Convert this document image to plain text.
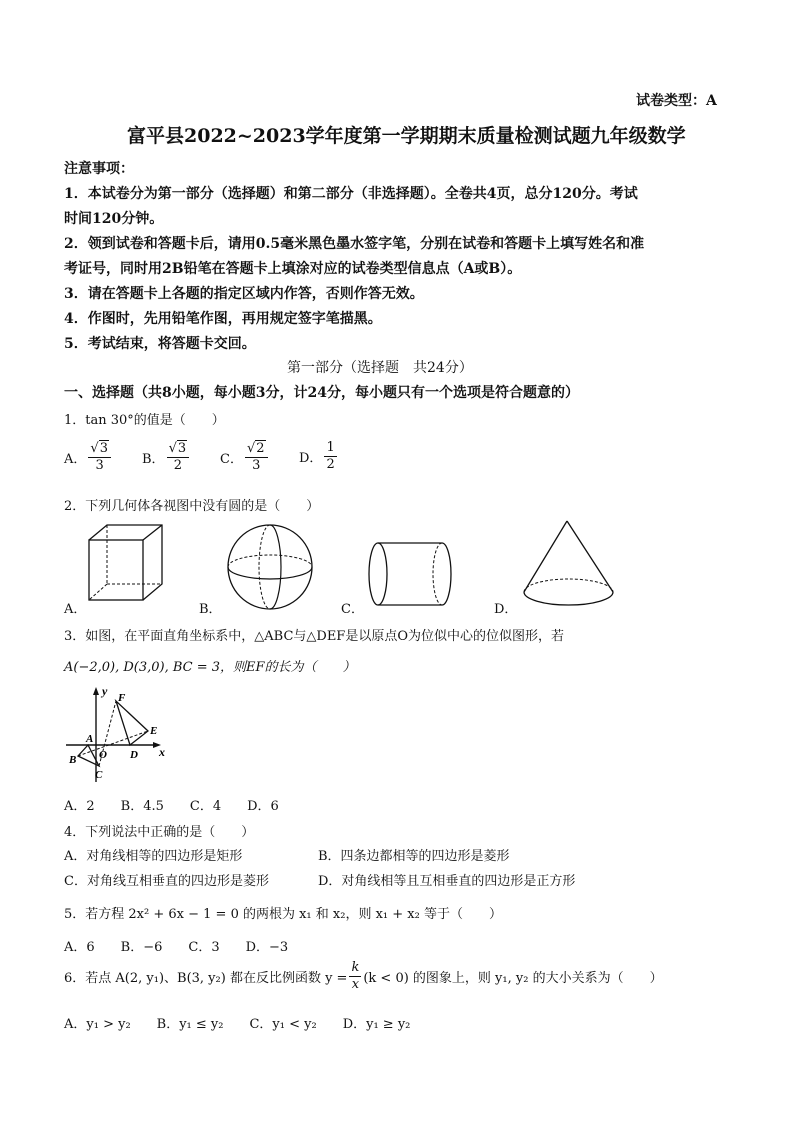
试卷类型：A
富平县2022~2023学年度第一学期期末质量检测试题九年级数学
注意事项：
1．本试卷分为第一部分（选择题）和第二部分（非选择题）。全卷共4页，总分120分。考试
时间120分钟。
2．领到试卷和答题卡后，请用0.5毫米黑色墨水签字笔，分别在试卷和答题卡上填写姓名和准
考证号，同时用2B铅笔在答题卡上填涂对应的试卷类型信息点（A或B）。
3．请在答题卡上各题的指定区域内作答，否则作答无效。
4．作图时，先用铅笔作图，再用规定签字笔描黑。
5．考试结束，将答题卡交回。
第一部分（选择题　共24分）
一、选择题（共8小题，每小题3分，计24分，每小题只有一个选项是符合题意的）
1．tan 30°的值是（　　）
A． $\frac{√ 3}{3}$ B． $\frac{√ 3}{2}$ C． $\frac{√ 2}{3}$ D． $\frac{1}{2}$
2．下列几何体各视图中没有圆的是（　　）
A．	B．	C．	D．
3．如图，在平面直角坐标系中，△ABC与△DEF是以原点O为位似中心的位似图形，若
A(−2,0), D(3,0), BC = 3，则EF的长为（　　）
y
x
O
A
B
C
D
E
F
A．2　　B．4.5　　C．4　　D．6
4．下列说法中正确的是（　　）
A．对角线相等的四边形是矩形	B．四条边都相等的四边形是菱形
C．对角线互相垂直的四边形是菱形	D．对角线相等且互相垂直的四边形是正方形
5．若方程 2x² + 6x − 1 = 0 的两根为 x₁ 和 x₂，则 x₁ + x₂ 等于（　　）
A．6　　B．−6　　C．3　　D．−3
6．若点 A(2, y₁)、B(3, y₂) 都在反比例函数 $y = \frac{k}{x} (k < 0)$ 的图象上，则 y₁, y₂ 的大小关系为（　　）
A．y₁ > y₂　　B．y₁ ≤ y₂　　C．y₁ < y₂　　D．y₁ ≥ y₂
